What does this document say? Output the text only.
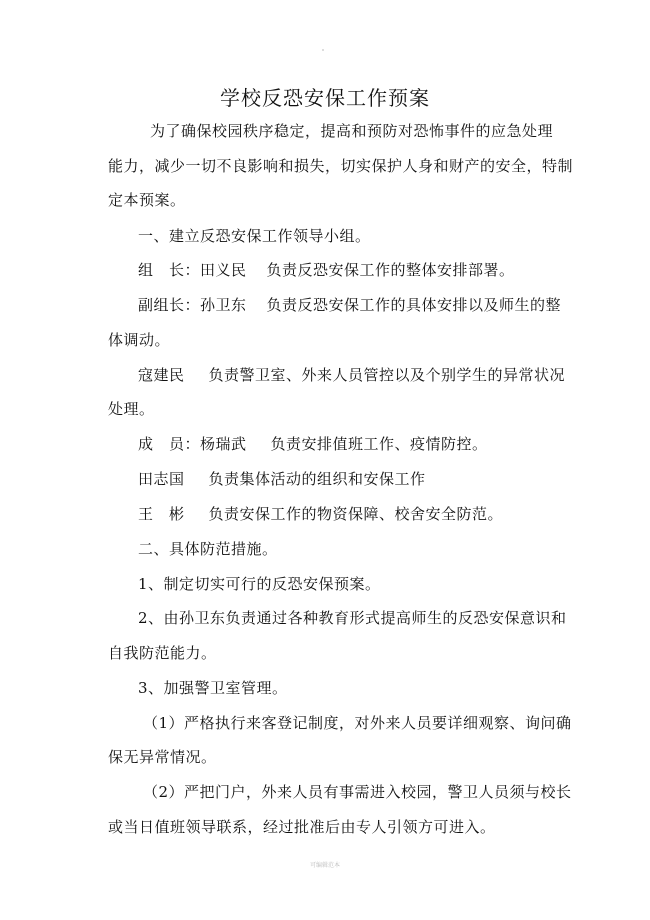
学校反恐安保工作预案
为了确保校园秩序稳定，提高和预防对恐怖事件的应急处理
能力，减少一切不良影响和损失，切实保护人身和财产的安全，特制
定本预案。
一、建立反恐安保工作领导小组。
组　长：田义民 负责反恐安保工作的整体安排部署。
副组长：孙卫东 负责反恐安保工作的具体安排以及师生的整
体调动。
寇建民 负责警卫室、外来人员管控以及个别学生的异常状况
处理。
成　员：杨瑞武 负责安排值班工作、疫情防控。
田志国 负责集体活动的组织和安保工作
王　彬 负责安保工作的物资保障、校舍安全防范。
二、具体防范措施。
1、制定切实可行的反恐安保预案。
2、由孙卫东负责通过各种教育形式提高师生的反恐安保意识和
自我防范能力。
3、加强警卫室管理。
（1）严格执行来客登记制度，对外来人员要详细观察、询问确
保无异常情况。
（2）严把门户，外来人员有事需进入校园，警卫人员须与校长
或当日值班领导联系，经过批准后由专人引领方可进入。
可编辑范本
